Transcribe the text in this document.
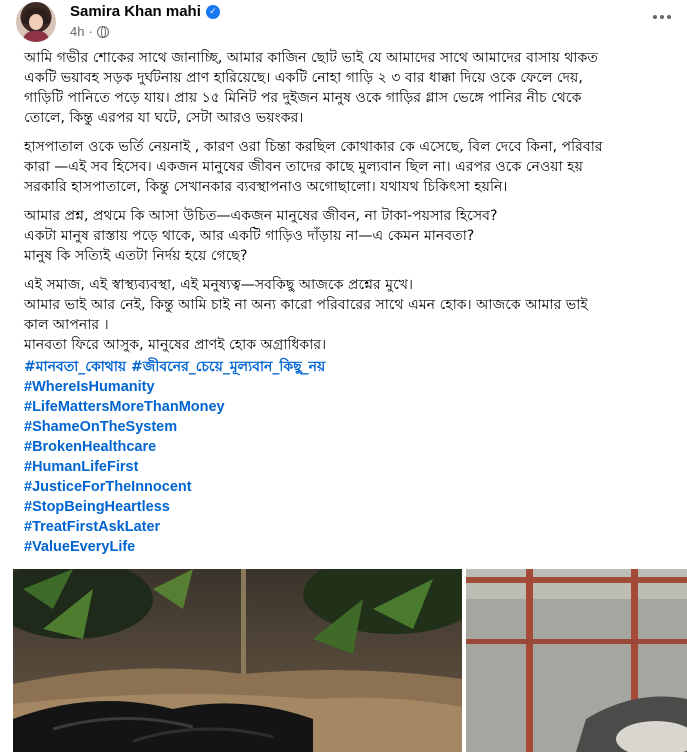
Samira Khan mahi ✓
4h ·

আমি গভীর শোকের সাথে জানাচ্ছি, আমার কাজিন ছোট ভাই যে আমাদের সাথে আমাদের বাসায় থাকত
একটি ভয়াবহ সড়ক দুর্ঘটনায় প্রাণ হারিয়েছে। একটি নোহা গাড়ি ২ ৩ বার ধাক্কা দিয়ে ওকে ফেলে দেয়,
গাড়িটি পানিতে পড়ে যায়। প্রায় ১৫ মিনিট পর দুইজন মানুষ ওকে গাড়ির গ্লাস ভেঙ্গে পানির নীচ থেকে
তোলে, কিন্তু এরপর যা ঘটে, সেটা আরও ভয়ংকর।

হাসপাতাল ওকে ভর্তি নেয়নাই , কারণ ওরা চিন্তা করছিল কোথাকার কে এসেছে, বিল দেবে কিনা, পরিবার
কারা —এই সব হিসেব। একজন মানুষের জীবন তাদের কাছে মুল্যবান ছিল না। এরপর ওকে নেওয়া হয়
সরকারি হাসপাতালে, কিন্তু সেখানকার ব্যবস্থাপনাও অগোছালো। যথাযথ চিকিৎসা হয়নি।

আমার প্রশ্ন, প্রথমে কি আসা উচিত—একজন মানুষের জীবন, না টাকা-পয়সার হিসেব?
একটা মানুষ রাস্তায় পড়ে থাকে, আর একটি গাড়িও দাঁড়ায় না—এ কেমন মানবতা?
মানুষ কি সত্যিই এতটা নির্দয় হয়ে গেছে?

এই সমাজ, এই স্বাস্থ্যব্যবস্থা, এই মনুষ্যত্ব—সবকিছু আজকে প্রশ্নের মুখে।
আমার ভাই আর নেই, কিন্তু আমি চাই না অন্য কারো পরিবারের সাথে এমন হোক। আজকে আমার ভাই
কাল আপনার ।
মানবতা ফিরে আসুক, মানুষের প্রাণই হোক অগ্রাধিকার।

#মানবতা_কোথায় #জীবনের_চেয়ে_মূল্যবান_কিছু_নয়
#WhereIsHumanity
#LifeMattersMoreThanMoney
#ShameOnTheSystem
#BrokenHealthcare
#HumanLifeFirst
#JusticeForTheInnocent
#StopBeingHeartless
#TreatFirstAskLater
#ValueEveryLife
